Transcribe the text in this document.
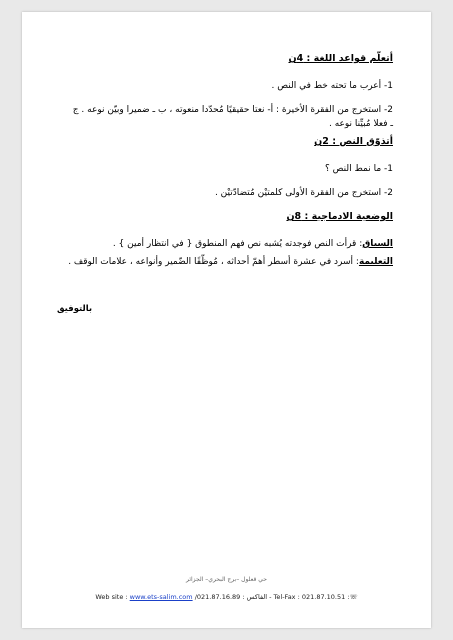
أتعلّم قواعد اللغة : 4ن
1- أعرب ما تحته خط في النص .
2- استخرج من الفقرة الأخيرة : أ- نعتا حقيقيًا مُحدّدا منعوته ، ب ـ ضميرا وبيّن نوعه . ج
ـ فعلا مُبيِّنا نوعه .
أتذوّق النص : 2ن
1- ما نمط النص ؟
2- استخرج من الفقرة الأولى كلمتيْن مُتضادّتيْن .
الوضعية الادماجية : 8ن
السياق: قرأت النص فوجدته يُشبه نص فهم المنطوق { في انتظار أمين } .
التعليمة: أسرد في عشرة أسطر أهمّ أحداثه ، مُوظّفًا الضّمير وأنواعه ، علامات الوقف .
بالتوفيق
حي قعلول –برج البحري– الجزائر
Web site : www.ets-salim.com /021.87.16.89 : الفاكس - Tel-Fax : 021.87.10.51 :☏
